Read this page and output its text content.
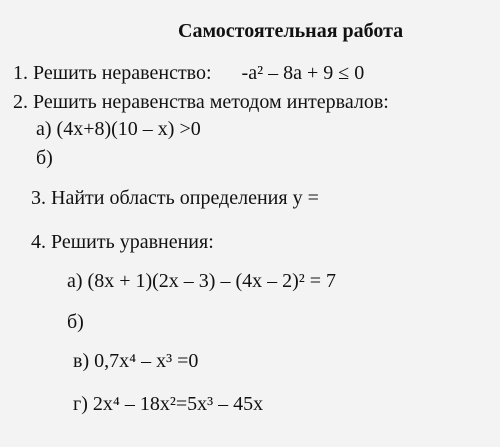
Самостоятельная работа
1. Решить неравенство: -a² – 8a + 9 ≤ 0
2. Решить неравенства методом интервалов:
а) (4x+8)(10 – x) >0
б)
3. Найти область определения y =
4. Решить уравнения:
а) (8x + 1)(2x – 3) – (4x – 2)² = 7
б)
в) 0,7x⁴ – x³ =0
г) 2x⁴ – 18x²=5x³ – 45x
